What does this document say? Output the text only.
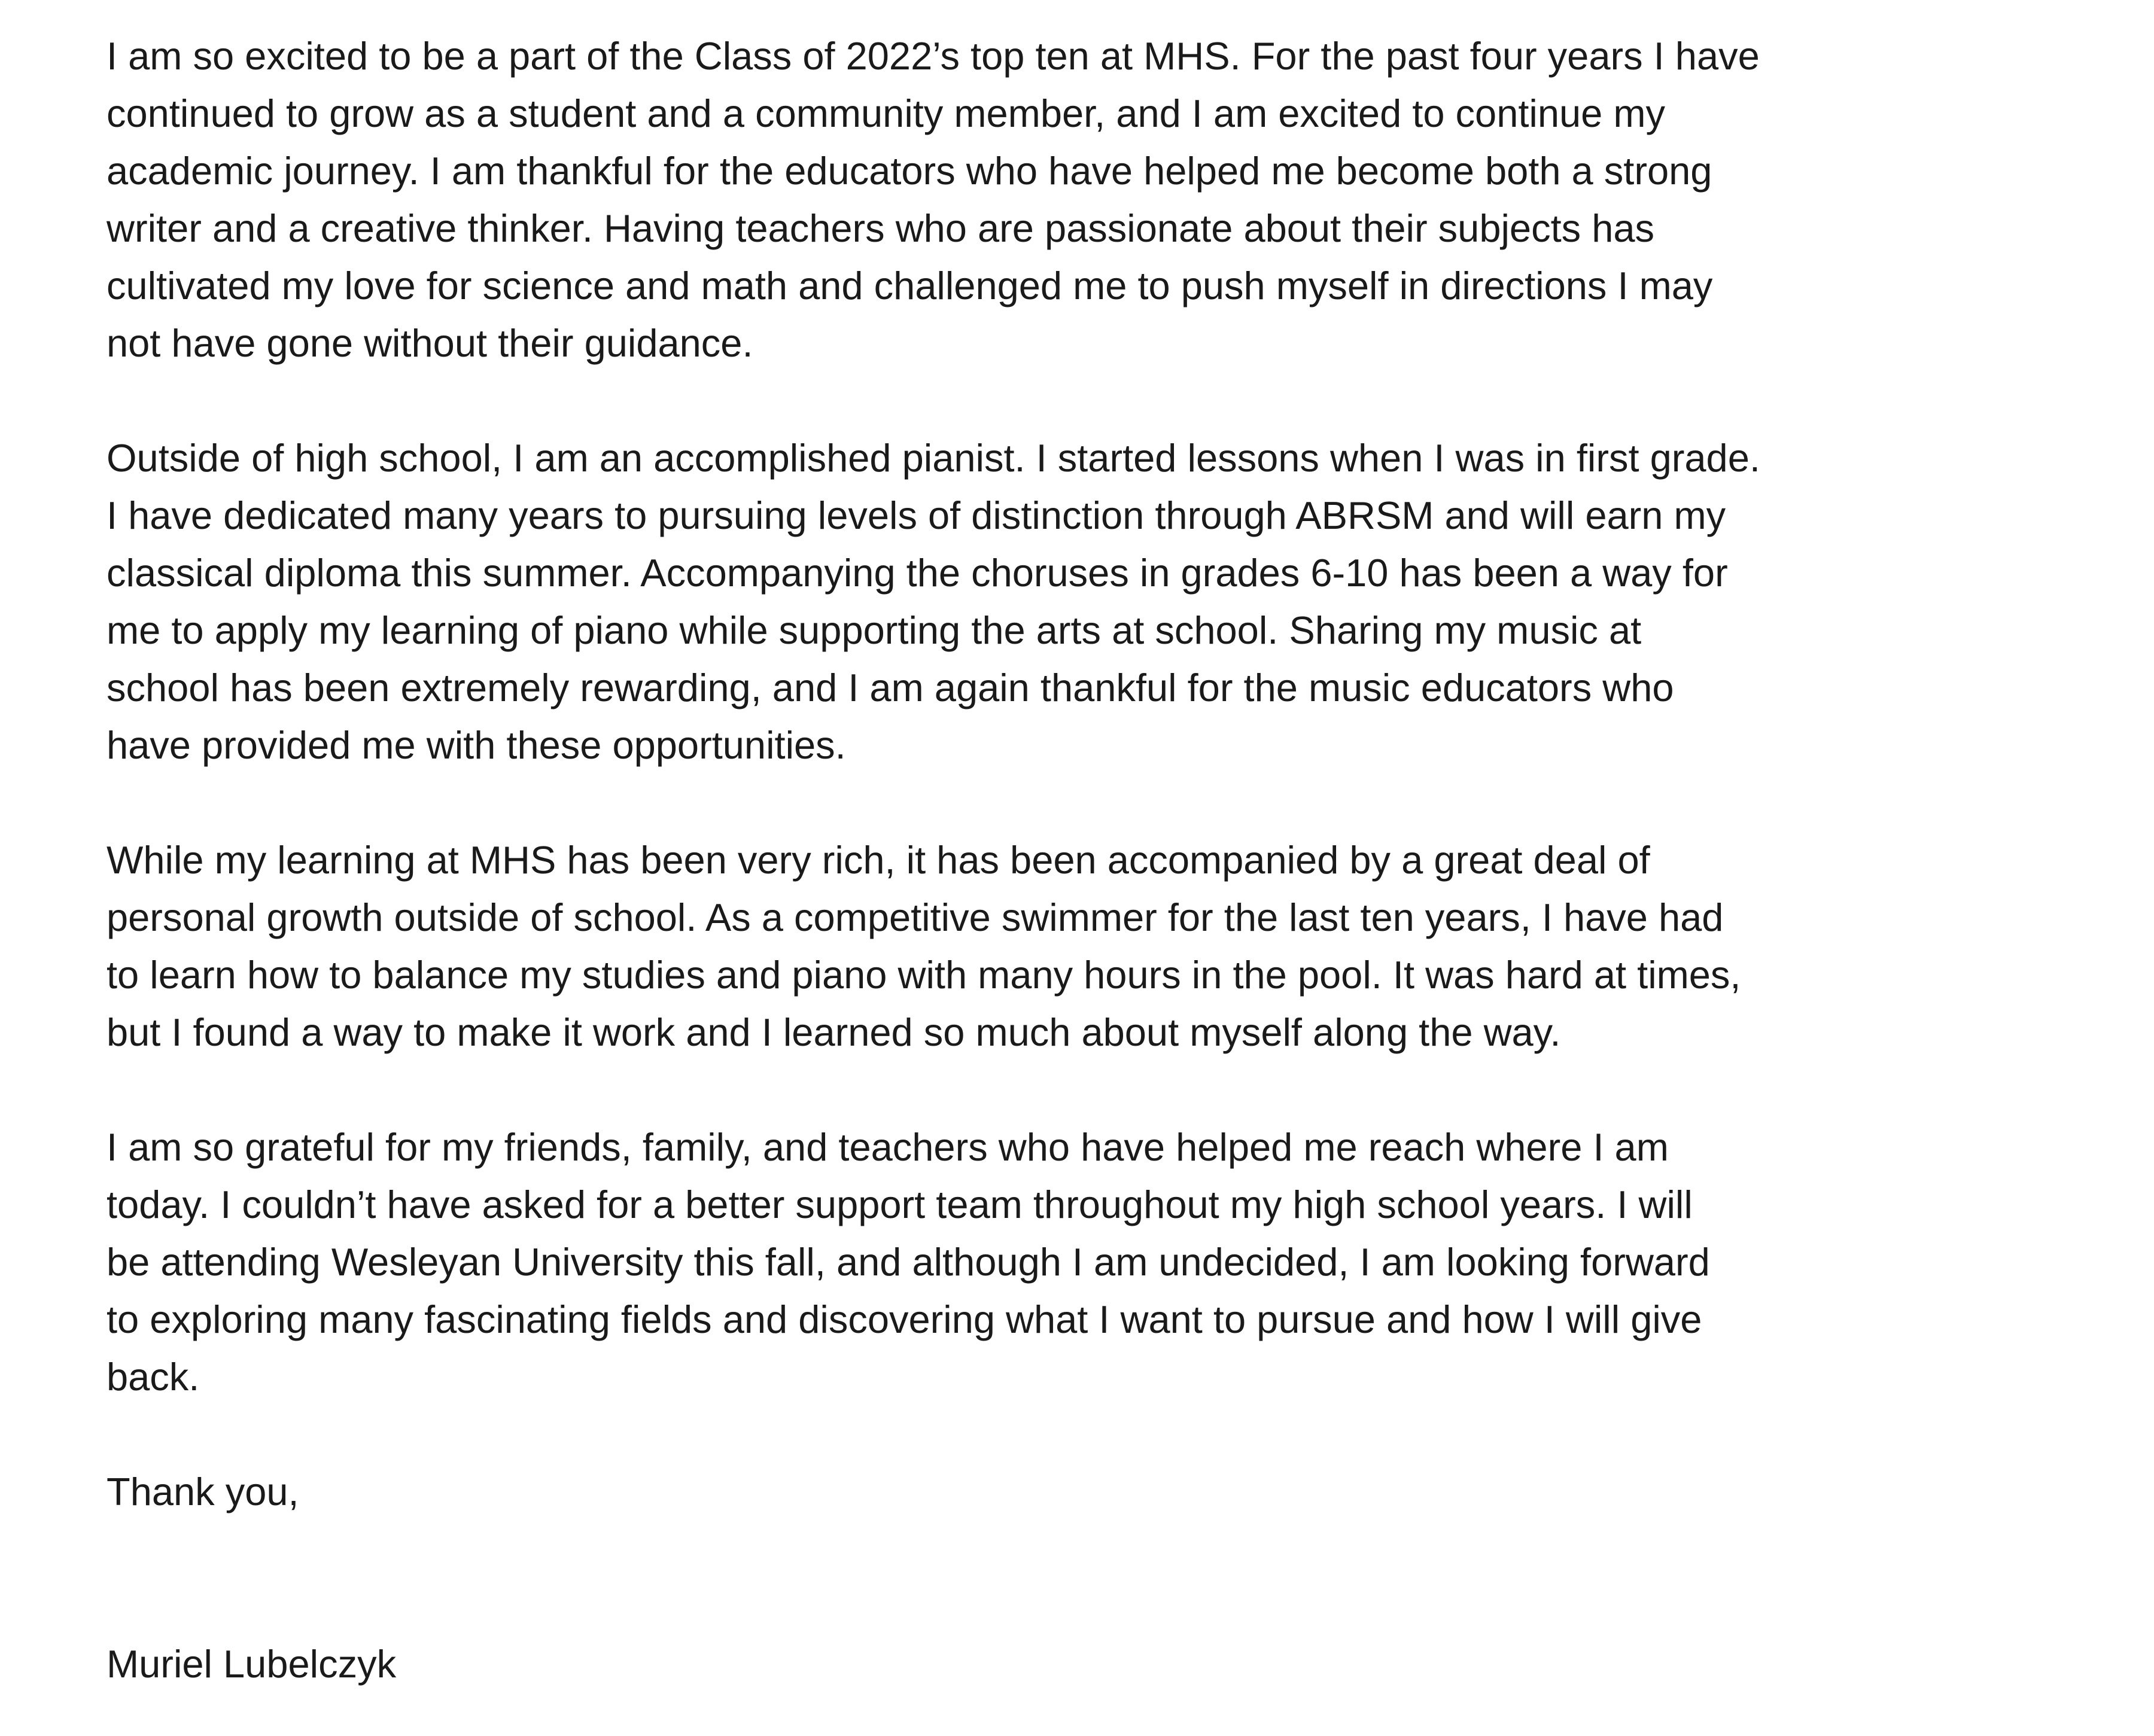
I am so excited to be a part of the Class of 2022’s top ten at MHS. For the past four years I have
continued to grow as a student and a community member, and I am excited to continue my
academic journey. I am thankful for the educators who have helped me become both a strong
writer and a creative thinker. Having teachers who are passionate about their subjects has
cultivated my love for science and math and challenged me to push myself in directions I may
not have gone without their guidance.

Outside of high school, I am an accomplished pianist. I started lessons when I was in first grade.
I have dedicated many years to pursuing levels of distinction through ABRSM and will earn my
classical diploma this summer. Accompanying the choruses in grades 6-10 has been a way for
me to apply my learning of piano while supporting the arts at school. Sharing my music at
school has been extremely rewarding, and I am again thankful for the music educators who
have provided me with these opportunities.

While my learning at MHS has been very rich, it has been accompanied by a great deal of
personal growth outside of school. As a competitive swimmer for the last ten years, I have had
to learn how to balance my studies and piano with many hours in the pool. It was hard at times,
but I found a way to make it work and I learned so much about myself along the way.

I am so grateful for my friends, family, and teachers who have helped me reach where I am
today. I couldn’t have asked for a better support team throughout my high school years. I will
be attending Wesleyan University this fall, and although I am undecided, I am looking forward
to exploring many fascinating fields and discovering what I want to pursue and how I will give
back.

Thank you,

Muriel Lubelczyk
